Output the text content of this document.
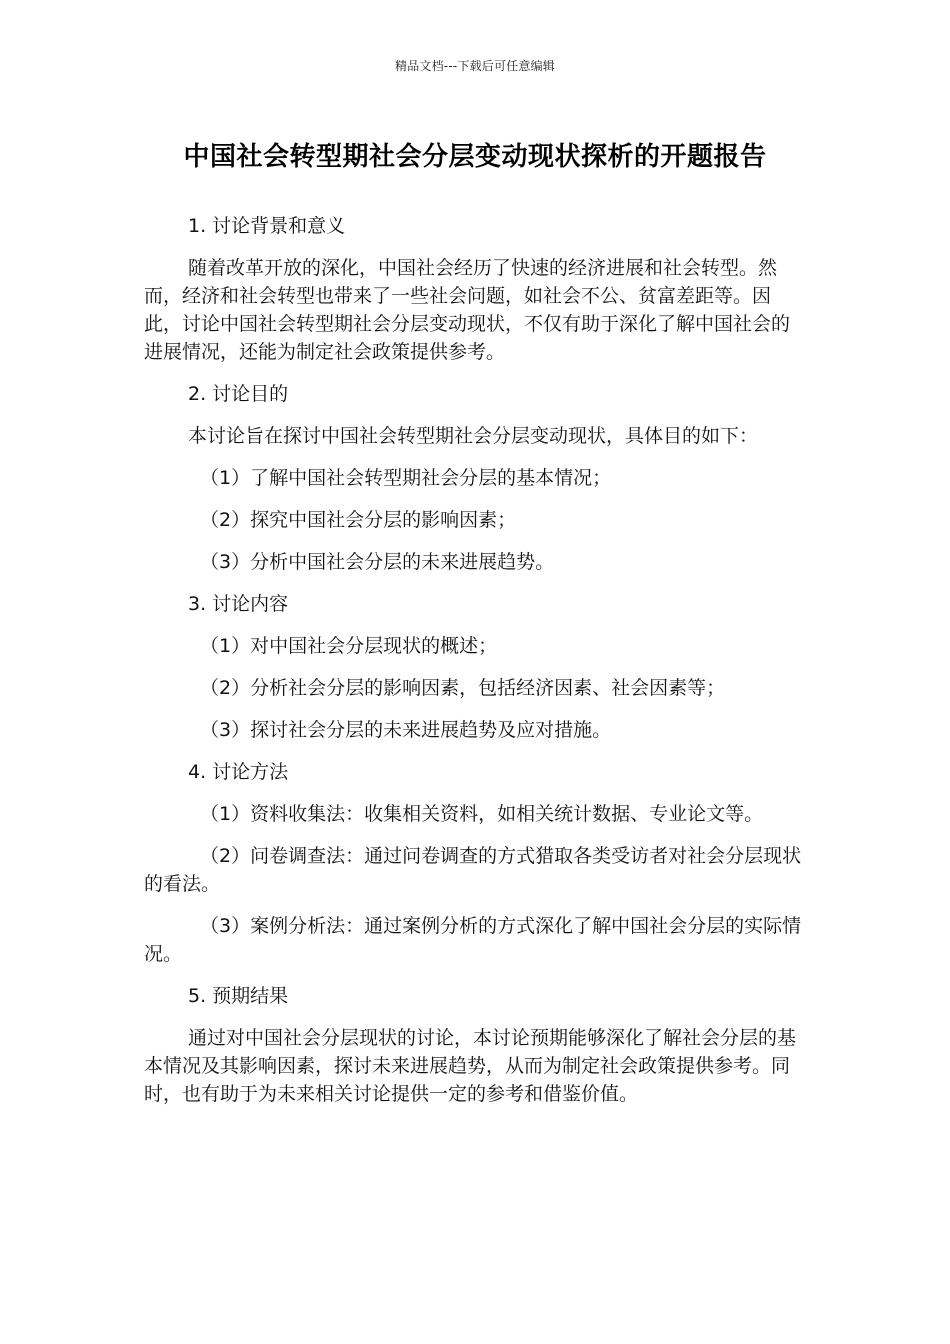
精品文档---下载后可任意编辑
中国社会转型期社会分层变动现状探析的开题报告

1. 讨论背景和意义

随着改革开放的深化，中国社会经历了快速的经济进展和社会转型。然而，经济和社会转型也带来了一些社会问题，如社会不公、贫富差距等。因此，讨论中国社会转型期社会分层变动现状，不仅有助于深化了解中国社会的进展情况，还能为制定社会政策提供参考。

2. 讨论目的

本讨论旨在探讨中国社会转型期社会分层变动现状，具体目的如下：

（1）了解中国社会转型期社会分层的基本情况；

（2）探究中国社会分层的影响因素；

（3）分析中国社会分层的未来进展趋势。

3. 讨论内容

（1）对中国社会分层现状的概述；

（2）分析社会分层的影响因素，包括经济因素、社会因素等；

（3）探讨社会分层的未来进展趋势及应对措施。

4. 讨论方法

（1）资料收集法：收集相关资料，如相关统计数据、专业论文等。

（2）问卷调查法：通过问卷调查的方式猎取各类受访者对社会分层现状的看法。

（3）案例分析法：通过案例分析的方式深化了解中国社会分层的实际情况。

5. 预期结果

通过对中国社会分层现状的讨论，本讨论预期能够深化了解社会分层的基本情况及其影响因素，探讨未来进展趋势，从而为制定社会政策提供参考。同时，也有助于为未来相关讨论提供一定的参考和借鉴价值。
